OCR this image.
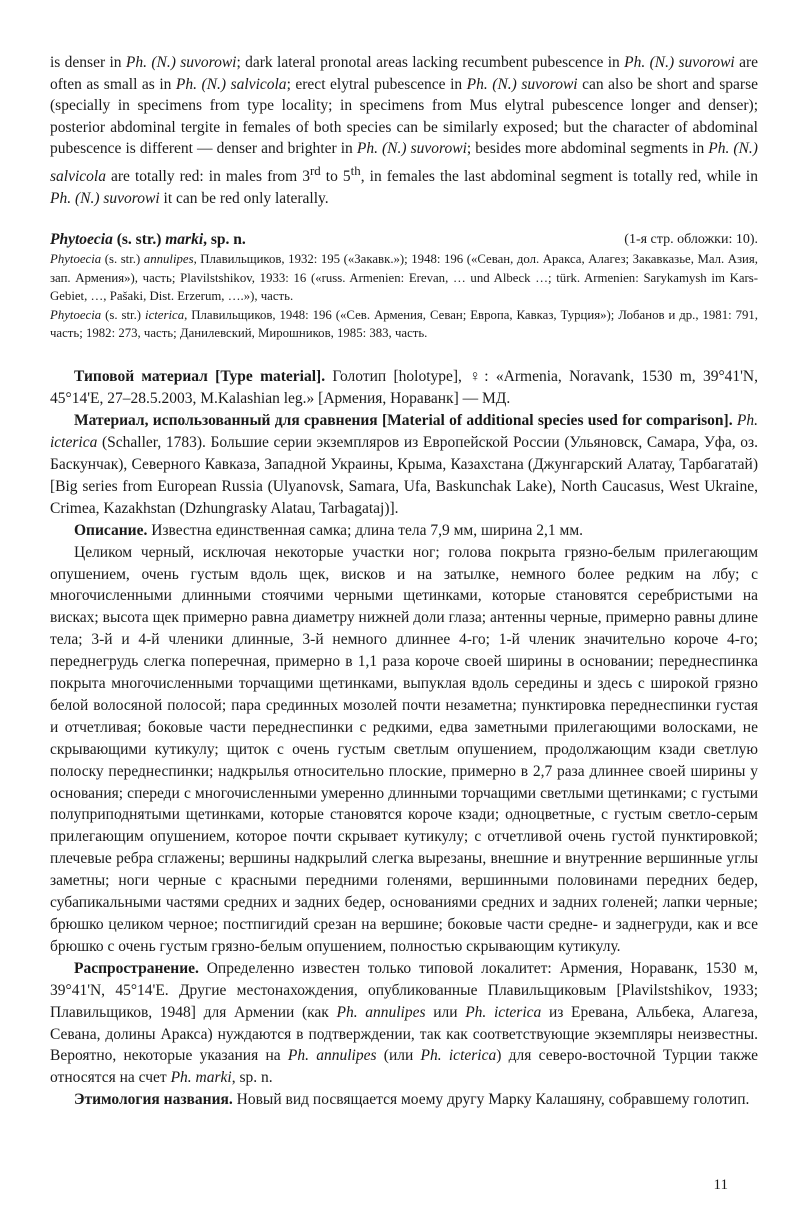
is denser in Ph. (N.) suvorowi; dark lateral pronotal areas lacking recumbent pubescence in Ph. (N.) suvorowi are often as small as in Ph. (N.) salvicola; erect elytral pubescence in Ph. (N.) suvorowi can also be short and sparse (specially in specimens from type locality; in specimens from Mus elytral pubescence longer and denser); posterior abdominal tergite in females of both species can be similarly exposed; but the character of abdominal pubescence is different — denser and brighter in Ph. (N.) suvorowi; besides more abdominal segments in Ph. (N.) salvicola are totally red: in males from 3rd to 5th, in females the last abdominal segment is totally red, while in Ph. (N.) suvorowi it can be red only laterally.

Phytoecia (s. str.) marki, sp. n.	(1-я стр. обложки: 10).

Phytoecia (s. str.) annulipes, Плавильщиков, 1932: 195 («Закавк.»); 1948: 196 («Севан, дол. Аракса, Алагез; Закавказье, Мал. Азия, зап. Армения»), часть; Plavilstshikov, 1933: 16 («russ. Armenien: Erevan, … und Albeck …; türk. Armenien: Sarykamysh im Kars-Gebiet, …, Pašaki, Dist. Erzerum, ….»), часть.

Phytoecia (s. str.) icterica, Плавильщиков, 1948: 196 («Сев. Армения, Севан; Европа, Кавказ, Турция»); Лобанов и др., 1981: 791, часть; 1982: 273, часть; Данилевский, Мирошников, 1985: 383, часть.

Типовой материал [Type material]. Голотип [holotype], ♀: «Armenia, Noravank, 1530 m, 39°41'N, 45°14'E, 27–28.5.2003, M.Kalashian leg.» [Армения, Нораванк] — МД.

Материал, использованный для сравнения [Material of additional species used for comparison]. Ph. icterica (Schaller, 1783). Большие серии экземпляров из Европейской России (Ульяновск, Самара, Уфа, оз. Баскунчак), Северного Кавказа, Западной Украины, Крыма, Казахстана (Джунгарский Алатау, Тарбагатай) [Big series from European Russia (Ulyanovsk, Samara, Ufa, Baskunchak Lake), North Caucasus, West Ukraine, Crimea, Kazakhstan (Dzhungrasky Alatau, Tarbagataj)].

Описание. Известна единственная самка; длина тела 7,9 мм, ширина 2,1 мм.

Целиком черный, исключая некоторые участки ног; голова покрыта грязно-белым прилегающим опушением, очень густым вдоль щек, висков и на затылке, немного более редким на лбу; с многочисленными длинными стоячими черными щетинками, которые становятся серебристыми на висках; высота щек примерно равна диаметру нижней доли глаза; антенны черные, примерно равны длине тела; 3-й и 4-й членики длинные, 3-й немного длиннее 4-го; 1-й членик значительно короче 4-го; переднегрудь слегка поперечная, примерно в 1,1 раза короче своей ширины в основании; переднеспинка покрыта многочисленными торчащими щетинками, выпуклая вдоль середины и здесь с широкой грязно белой волосяной полосой; пара срединных мозолей почти незаметна; пунктировка переднеспинки густая и отчетливая; боковые части переднеспинки с редкими, едва заметными прилегающими волосками, не скрывающими кутикулу; щиток с очень густым светлым опушением, продолжающим кзади светлую полоску переднеспинки; надкрылья относительно плоские, примерно в 2,7 раза длиннее своей ширины у основания; спереди с многочисленными умеренно длинными торчащими светлыми щетинками; с густыми полуприподнятыми щетинками, которые становятся короче кзади; одноцветные, с густым светло-серым прилегающим опушением, которое почти скрывает кутикулу; с отчетливой очень густой пунктировкой; плечевые ребра сглажены; вершины надкрылий слегка вырезаны, внешние и внутренние вершинные углы заметны; ноги черные с красными передними голенями, вершинными половинами передних бедер, субапикальными частями средних и задних бедер, основаниями средних и задних голеней; лапки черные; брюшко целиком черное; постпигидий срезан на вершине; боковые части средне- и заднегруди, как и все брюшко с очень густым грязно-белым опушением, полностью скрывающим кутикулу.

Распространение. Определенно известен только типовой локалитет: Армения, Нораванк, 1530 м, 39°41'N, 45°14'E. Другие местонахождения, опубликованные Плавильщиковым [Plavilstshikov, 1933; Плавильщиков, 1948] для Армении (как Ph. annulipes или Ph. icterica из Еревана, Альбека, Алагеза, Севана, долины Аракса) нуждаются в подтверждении, так как соответствующие экземпляры неизвестны. Вероятно, некоторые указания на Ph. annulipes (или Ph. icterica) для северо-восточной Турции также относятся на счет Ph. marki, sp. n.

Этимология названия. Новый вид посвящается моему другу Марку Калашяну, собравшему голотип.

11
